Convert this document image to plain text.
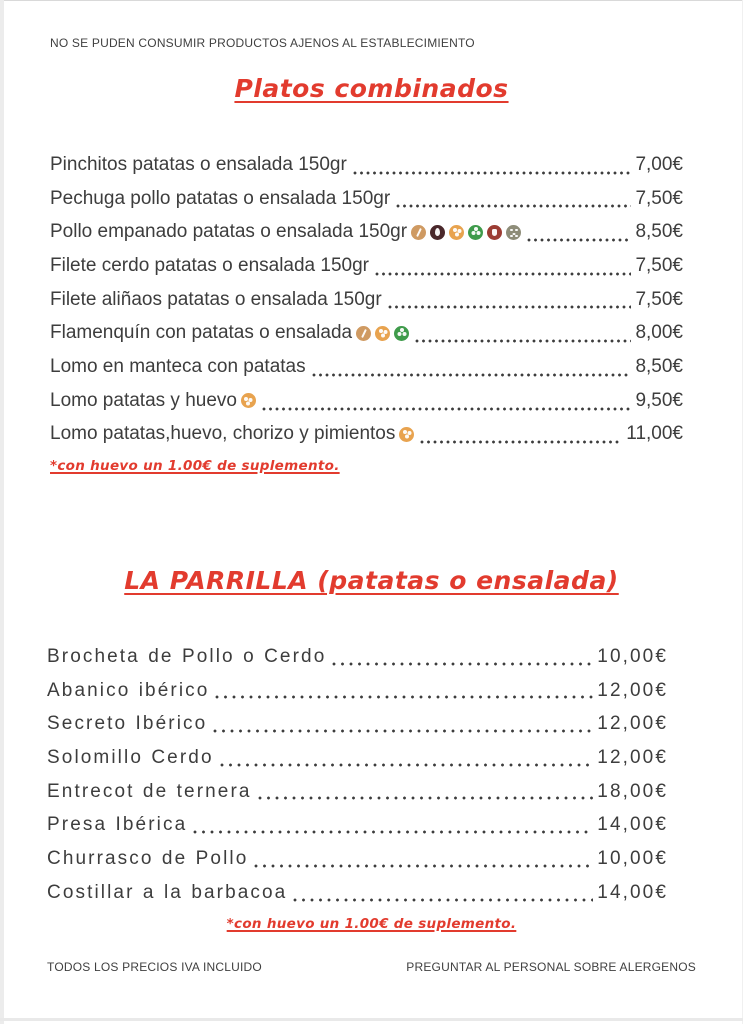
NO SE PUDEN CONSUMIR PRODUCTOS AJENOS AL ESTABLECIMIENTO
Platos combinados
Pinchitos patatas o ensalada 150gr	7,00€
Pechuga pollo patatas o ensalada 150gr	7,50€
Pollo empanado patatas o ensalada 150gr	8,50€
Filete cerdo patatas o ensalada 150gr	7,50€
Filete aliñaos patatas o ensalada 150gr	7,50€
Flamenquín con patatas o ensalada	8,00€
Lomo en manteca con patatas	8,50€
Lomo patatas y huevo	9,50€
Lomo patatas,huevo, chorizo y pimientos	11,00€
*con huevo un 1.00€ de suplemento.
LA PARRILLA (patatas o ensalada)
Brocheta de Pollo o Cerdo	10,00€
Abanico ibérico	12,00€
Secreto Ibérico	12,00€
Solomillo Cerdo	12,00€
Entrecot de ternera	18,00€
Presa Ibérica	14,00€
Churrasco de Pollo	10,00€
Costillar a la barbacoa	14,00€
*con huevo un 1.00€ de suplemento.
TODOS LOS PRECIOS IVA INCLUIDO	PREGUNTAR AL PERSONAL SOBRE ALERGENOS
